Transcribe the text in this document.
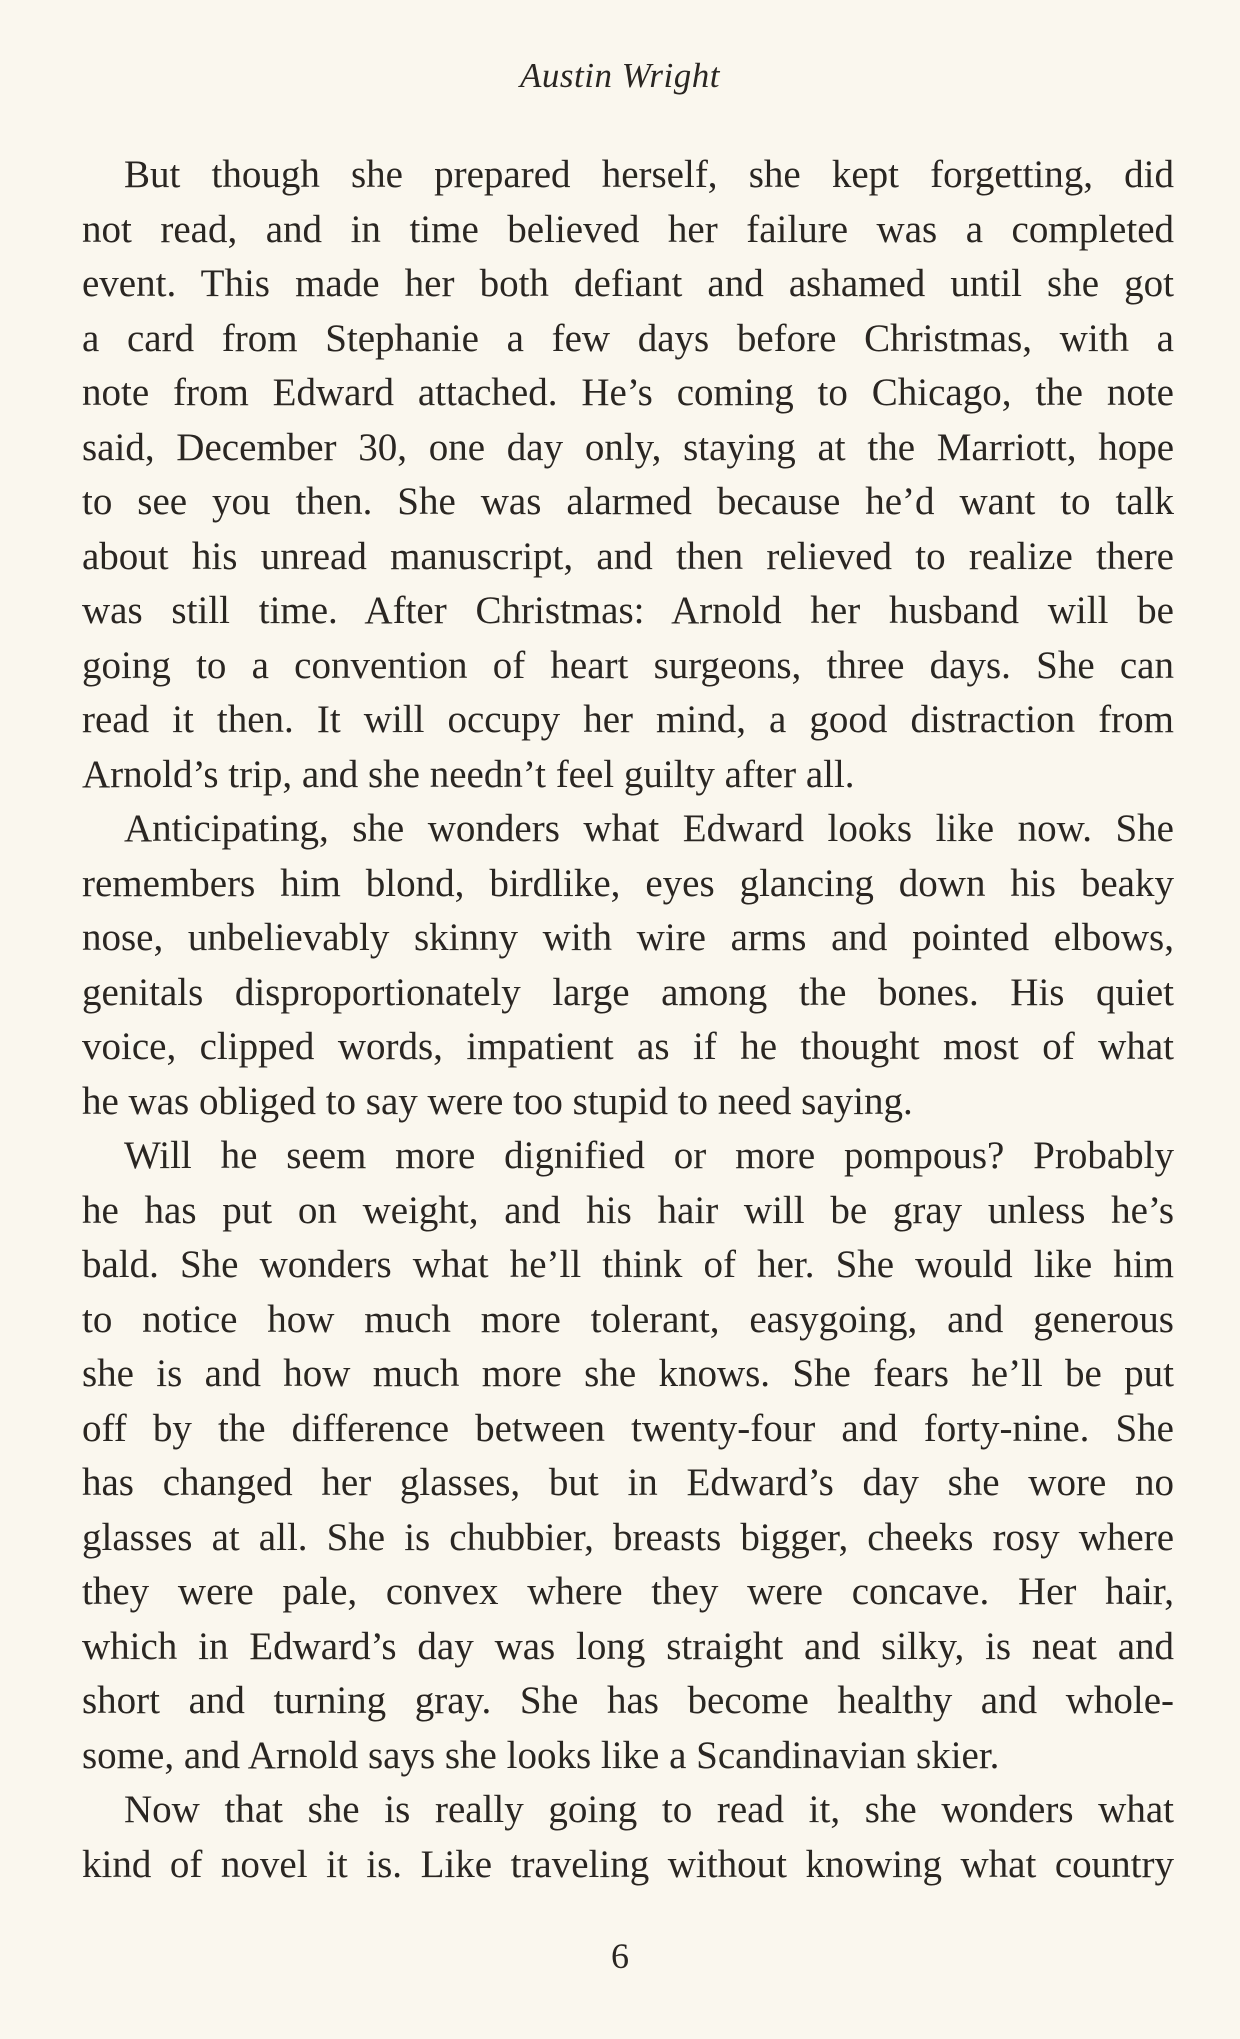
Austin Wright
But though she prepared herself, she kept forgetting, did
not read, and in time believed her failure was a completed
event. This made her both defiant and ashamed until she got
a card from Stephanie a few days before Christmas, with a
note from Edward attached. He’s coming to Chicago, the note
said, December 30, one day only, staying at the Marriott, hope
to see you then. She was alarmed because he’d want to talk
about his unread manuscript, and then relieved to realize there
was still time. After Christmas: Arnold her husband will be
going to a convention of heart surgeons, three days. She can
read it then. It will occupy her mind, a good distraction from
Arnold’s trip, and she needn’t feel guilty after all.
Anticipating, she wonders what Edward looks like now. She
remembers him blond, birdlike, eyes glancing down his beaky
nose, unbelievably skinny with wire arms and pointed elbows,
genitals disproportionately large among the bones. His quiet
voice, clipped words, impatient as if he thought most of what
he was obliged to say were too stupid to need saying.
Will he seem more dignified or more pompous? Probably
he has put on weight, and his hair will be gray unless he’s
bald. She wonders what he’ll think of her. She would like him
to notice how much more tolerant, easygoing, and generous
she is and how much more she knows. She fears he’ll be put
off by the difference between twenty-four and forty-nine. She
has changed her glasses, but in Edward’s day she wore no
glasses at all. She is chubbier, breasts bigger, cheeks rosy where
they were pale, convex where they were concave. Her hair,
which in Edward’s day was long straight and silky, is neat and
short and turning gray. She has become healthy and whole-
some, and Arnold says she looks like a Scandinavian skier.
Now that she is really going to read it, she wonders what
kind of novel it is. Like traveling without knowing what country
6
